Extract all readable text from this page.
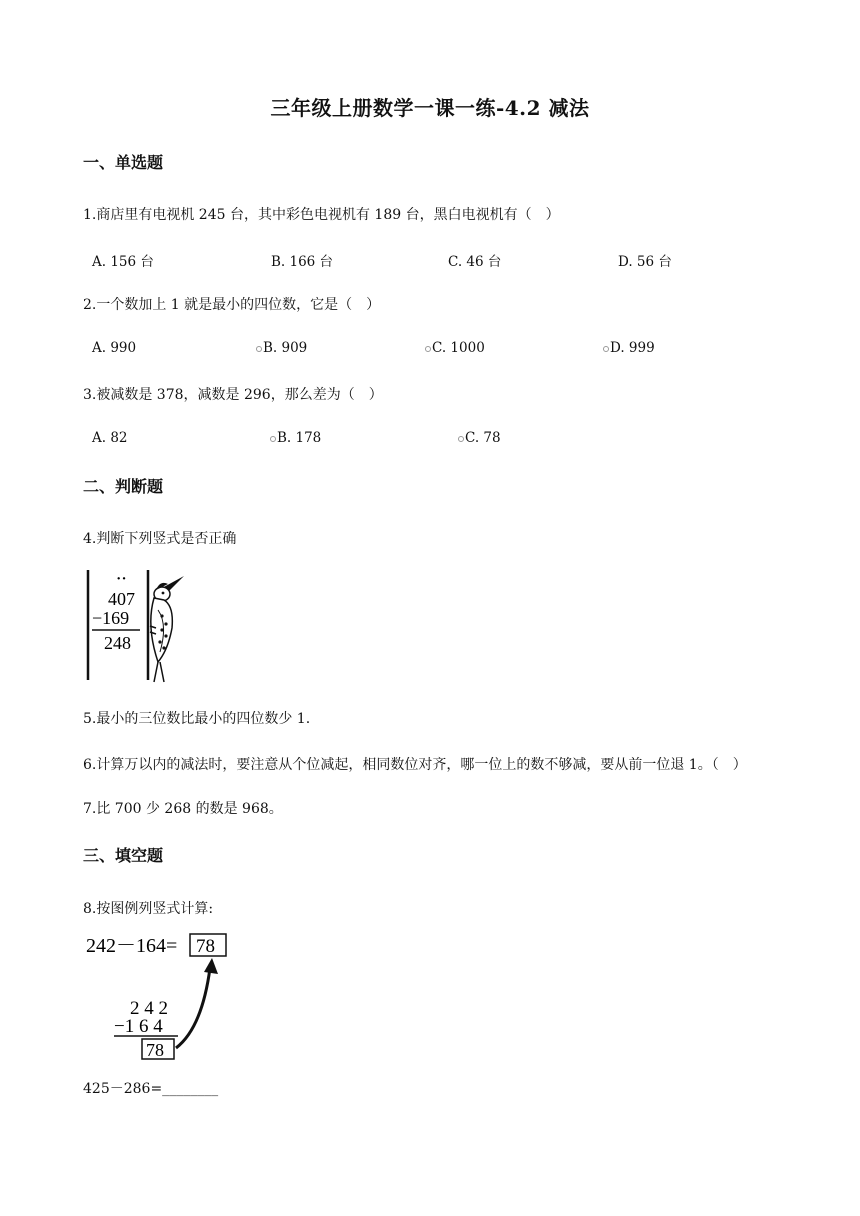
三年级上册数学一课一练-4.2 减法
一、单选题
1.商店里有电视机 245 台，其中彩色电视机有 189 台，黑白电视机有（　）
A. 156 台	B. 166 台	C. 46 台	D. 56 台
2.一个数加上 1 就是最小的四位数，它是（　）
A. 990	B. 909	C. 1000	D. 999
3.被减数是 378，减数是 296，那么差为（　）
A. 82	B. 178	C. 78
二、判断题
4.判断下列竖式是否正确
˙˙
407
−169
248
5.最小的三位数比最小的四位数少 1.
6.计算万以内的减法时，要注意从个位减起，相同数位对齐，哪一位上的数不够减，要从前一位退 1。（　）
7.比 700 少 268 的数是 968。
三、填空题
8.按图例列竖式计算:
242－164= 78
2 4 2
−1 6 4
78
425－286=________
